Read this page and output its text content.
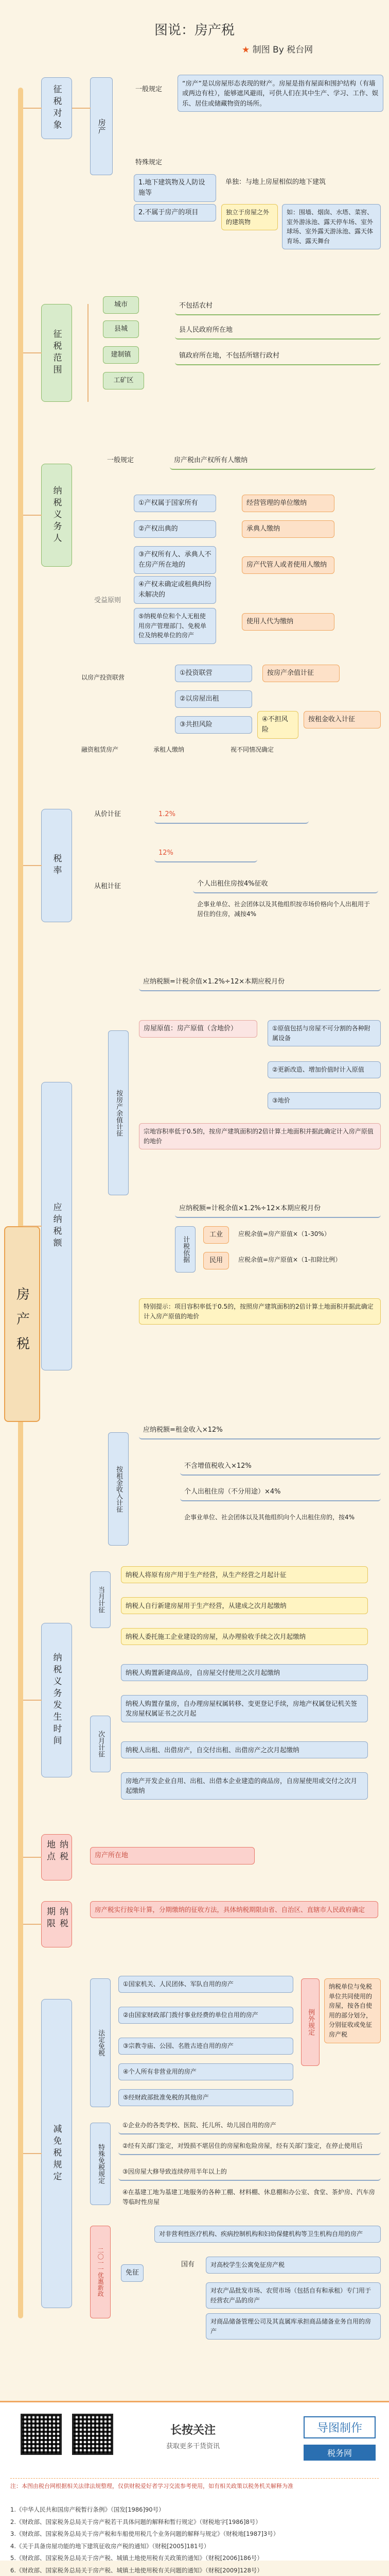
图说：房产税
★ 制图 By 税台网
房产税
征税对象	房产
一般规定
“房产”是以房屋形态表现的财产。房屋是指有屋面和围护结构（有墙或两边有柱），能够遮风避雨，可供人们在其中生产、学习、工作、娱乐、居住或储藏物资的场所。
特殊规定
1.地下建筑物及人防设施等
单独：与地上房屋相似的地下建筑
2.不属于房产的项目	独立于房屋之外的建筑物
如：围墙、烟囱、水塔、菜窖、室外游泳池、露天停车场、室外球场、室外露天游泳池、露天体育场、露天舞台
征税范围
城市	不包括农村
县城	县人民政府所在地
建制镇	镇政府所在地，不包括所辖行政村
工矿区
纳税义务人
一般规定	房产税由产权所有人缴纳
①产权属于国家所有	经营管理的单位缴纳
②产权出典的	承典人缴纳
③产权所有人、承典人不在房产所在地的
④产权未确定或租典纠纷未解决的
房产代管人或者使用人缴纳
⑤纳税单位和个人无租使用房产管理部门、免税单位及纳税单位的房产
使用人代为缴纳
受益原则
以房产投资联营
①投资联营	按房产余值计征
②以房屋出租
③共担风险
④不担风险
按租金收入计征
融资租赁房产	承租人缴纳	视不同情况确定
税率
从价计征	1.2%
从租计征
12%
个人出租住房按4%征收
企事业单位、社会团体以及其他组织按市场价格向个人出租用于居住的住房，减按4%
应纳税额
按房产余值计征
应纳税额=计税余值×1.2%÷12×本期应税月份
房屋原值：房产原值（含地价）	①原值包括与房屋不可分割的各种附属设备
②更新改造、增加价值时计入原值
③地价
宗地容积率低于0.5的，按房产建筑面积的2倍计算土地面积并据此确定计入房产原值的地价
应纳税额=计税余值×1.2%÷12×本期应税月份
计税依据
工业	应税余值=房产原值×（1-30%）
民用	应税余值=房产原值×（1-扣除比例）
特别提示：项目容积率低于0.5的，按照房产建筑面积的2倍计算土地面积并据此确定计入房产原值的地价
按租金收入计征
应纳税额=租金收入×12%
不含增值税收入×12%
个人出租住房（不分用途）×4%
企事业单位、社会团体以及其他组织向个人出租住房的，按4%
纳税义务发生时间
当月计征
次月计征
纳税人将原有房产用于生产经营，从生产经营之月起计征
纳税人自行新建房屋用于生产经营，从建成之次月起缴纳
纳税人委托施工企业建设的房屋，从办理验收手续之次月起缴纳
纳税人购置新建商品房，自房屋交付使用之次月起缴纳
纳税人购置存量房，自办理房屋权属转移、变更登记手续，房地产权属登记机关签发房屋权属证书之次月起
纳税人出租、出借房产，自交付出租、出借房产之次月起缴纳
房地产开发企业自用、出租、出借本企业建造的商品房，自房屋使用或交付之次月起缴纳
纳税地点	房产所在地
纳税期限	房产税实行按年计算，分期缴纳的征收方法，具体纳税期限由省、自治区、直辖市人民政府确定
减免税规定
法定免税
①国家机关、人民团体、军队自用的房产
②由国家财政部门拨付事业经费的单位自用的房产
③宗教寺庙、公园、名胜古迹自用的房产
④个人所有非营业用的房产
⑤经财政部批准免税的其他房产
例外规定
纳税单位与免税单位共同使用的房屋，按各自使用的部分划分，分别征收或免征房产税
特殊免税规定
①企业办的各类学校、医院、托儿所、幼儿园自用的房产
②经有关部门鉴定，对毁损不堪居住的房屋和危险房屋，经有关部门鉴定，在停止使用后
③因房屋大修导致连续停用半年以上的
④在基建工地为基建工地服务的各种工棚、材料棚、休息棚和办公室、食堂、茶炉房、汽车房等临时性房屋
二〇一一优惠新政	免征
对非营利性医疗机构、疾病控制机构和妇幼保健机构等卫生机构自用的房产
国有	对高校学生公寓免征房产税
对农产品批发市场、农贸市场（包括自有和承租）专门用于经营农产品的房产
对商品储备管理公司及其直属库承担商品储备业务自用的房产
长按关注
获取更多干货资讯
导图制作
税务网
注：本图由税台网根据相关法律法规整理，仅供财税爱好者学习交流参考使用，如有相关政策以税务机关解释为准
1.《中华人民共和国房产税暂行条例》（国发[1986]90号）
2.《财政部、国家税务总局关于房产税若干具体问题的解释和暂行规定》（财税地字[1986]8号）
3.《财政部、国家税务总局关于房产税和车船使用税几个业务问题的解释与规定》（财税地[1987]3号）
4.《关于具备房屋功能的地下建筑征收房产税的通知》（财税[2005]181号）
5.《财政部、国家税务总局关于房产税、城镇土地使用税有关政策的通知》（财税[2006]186号）
6.《财政部、国家税务总局关于房产税、城镇土地使用税有关问题的通知》（财税[2009]128号）
